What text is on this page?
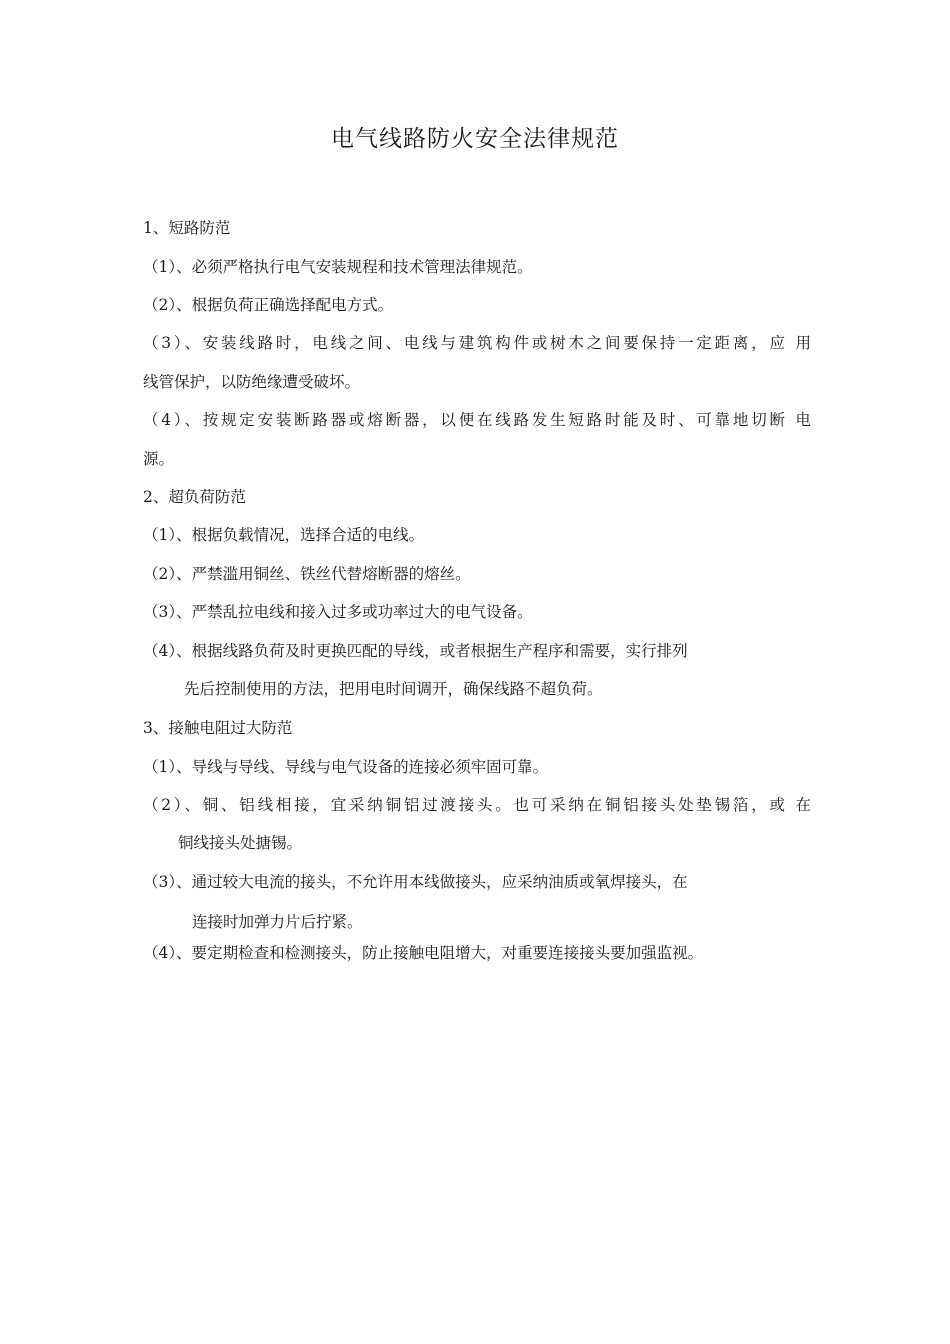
电气线路防火安全法律规范
1、短路防范
（1）、必须严格执行电气安装规程和技术管理法律规范。
（2）、根据负荷正确选择配电方式。
（3）、安装线路时，电线之间、电线与建筑构件或树木之间要保持一定距离，应 用
线管保护，以防绝缘遭受破坏。
（4）、按规定安装断路器或熔断器，以便在线路发生短路时能及时、可靠地切断 电
源。
2、超负荷防范
（1）、根据负载情况，选择合适的电线。
（2）、严禁滥用铜丝、铁丝代替熔断器的熔丝。
（3）、严禁乱拉电线和接入过多或功率过大的电气设备。
（4）、根据线路负荷及时更换匹配的导线，或者根据生产程序和需要，实行排列
先后控制使用的方法，把用电时间调开，确保线路不超负荷。
3、接触电阻过大防范
（1）、导线与导线、导线与电气设备的连接必须牢固可靠。
（2）、铜、铝线相接，宜采纳铜铝过渡接头。也可采纳在铜铝接头处垫锡箔，或 在
铜线接头处搪锡。
（3）、通过较大电流的接头，不允许用本线做接头，应采纳油质或氧焊接头，在
连接时加弹力片后拧紧。
（4）、要定期检查和检测接头，防止接触电阻增大，对重要连接接头要加强监视。
